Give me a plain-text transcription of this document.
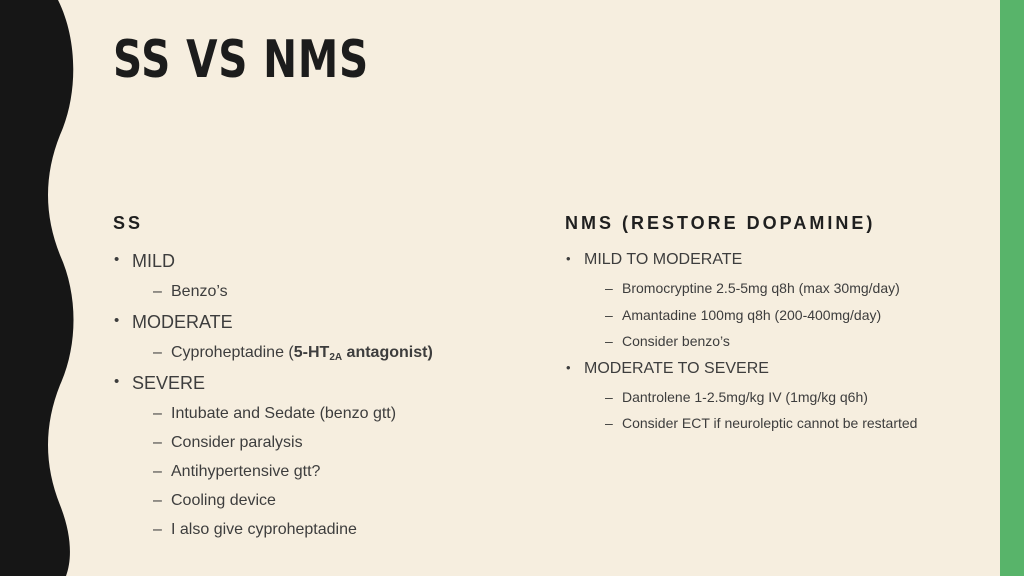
SS VS NMS
SS
• MILD
– Benzo’s
• MODERATE
– Cyproheptadine ($5-HT_{2A}$ antagonist)
• SEVERE
– Intubate and Sedate (benzo gtt)
– Consider paralysis
– Antihypertensive gtt?
– Cooling device
– I also give cyproheptadine
NMS (RESTORE DOPAMINE)
• MILD TO MODERATE
– Bromocryptine 2.5-5mg q8h (max 30mg/day)
– Amantadine 100mg q8h (200-400mg/day)
– Consider benzo’s
• MODERATE TO SEVERE
– Dantrolene 1-2.5mg/kg IV (1mg/kg q6h)
– Consider ECT if neuroleptic cannot be restarted
